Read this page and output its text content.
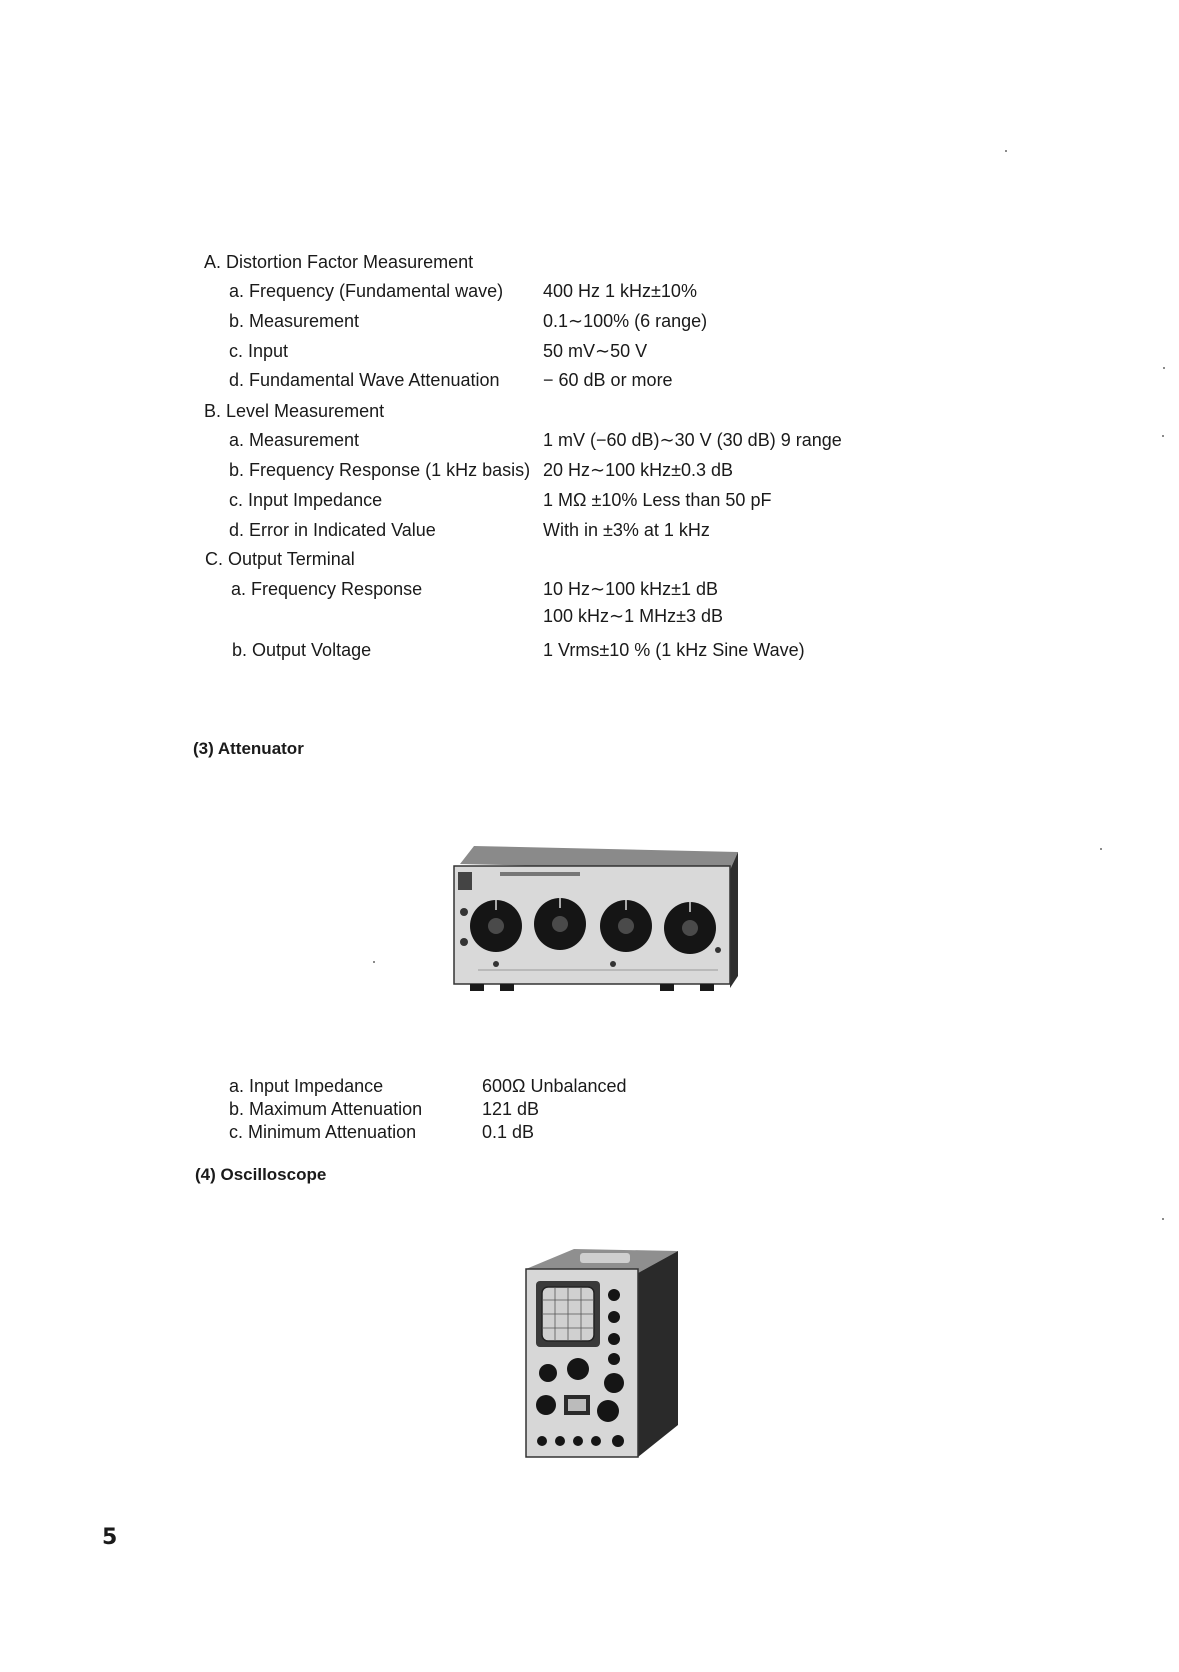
A. Distortion Factor Measurement
a. Frequency (Fundamental wave) 400 Hz 1 kHz±10%
b. Measurement	0.1∼100% (6 range)
c. Input	50 mV∼50 V
d. Fundamental Wave Attenuation − 60 dB or more
B. Level Measurement
a. Measurement	1 mV (−60 dB)∼30 V (30 dB) 9 range
b. Frequency Response (1 kHz basis) 20 Hz∼100 kHz±0.3 dB
c. Input Impedance	1 MΩ ±10% Less than 50 pF
d. Error in Indicated Value	With in ±3% at 1 kHz
C. Output Terminal
a. Frequency Response	10 Hz∼100 kHz±1 dB
100 kHz∼1 MHz±3 dB
b. Output Voltage	1 Vrms±10 % (1 kHz Sine Wave)
(3) Attenuator
a. Input Impedance	600Ω Unbalanced
b. Maximum Attenuation	121 dB
c. Minimum Attenuation	0.1 dB
(4) Oscilloscope
5
